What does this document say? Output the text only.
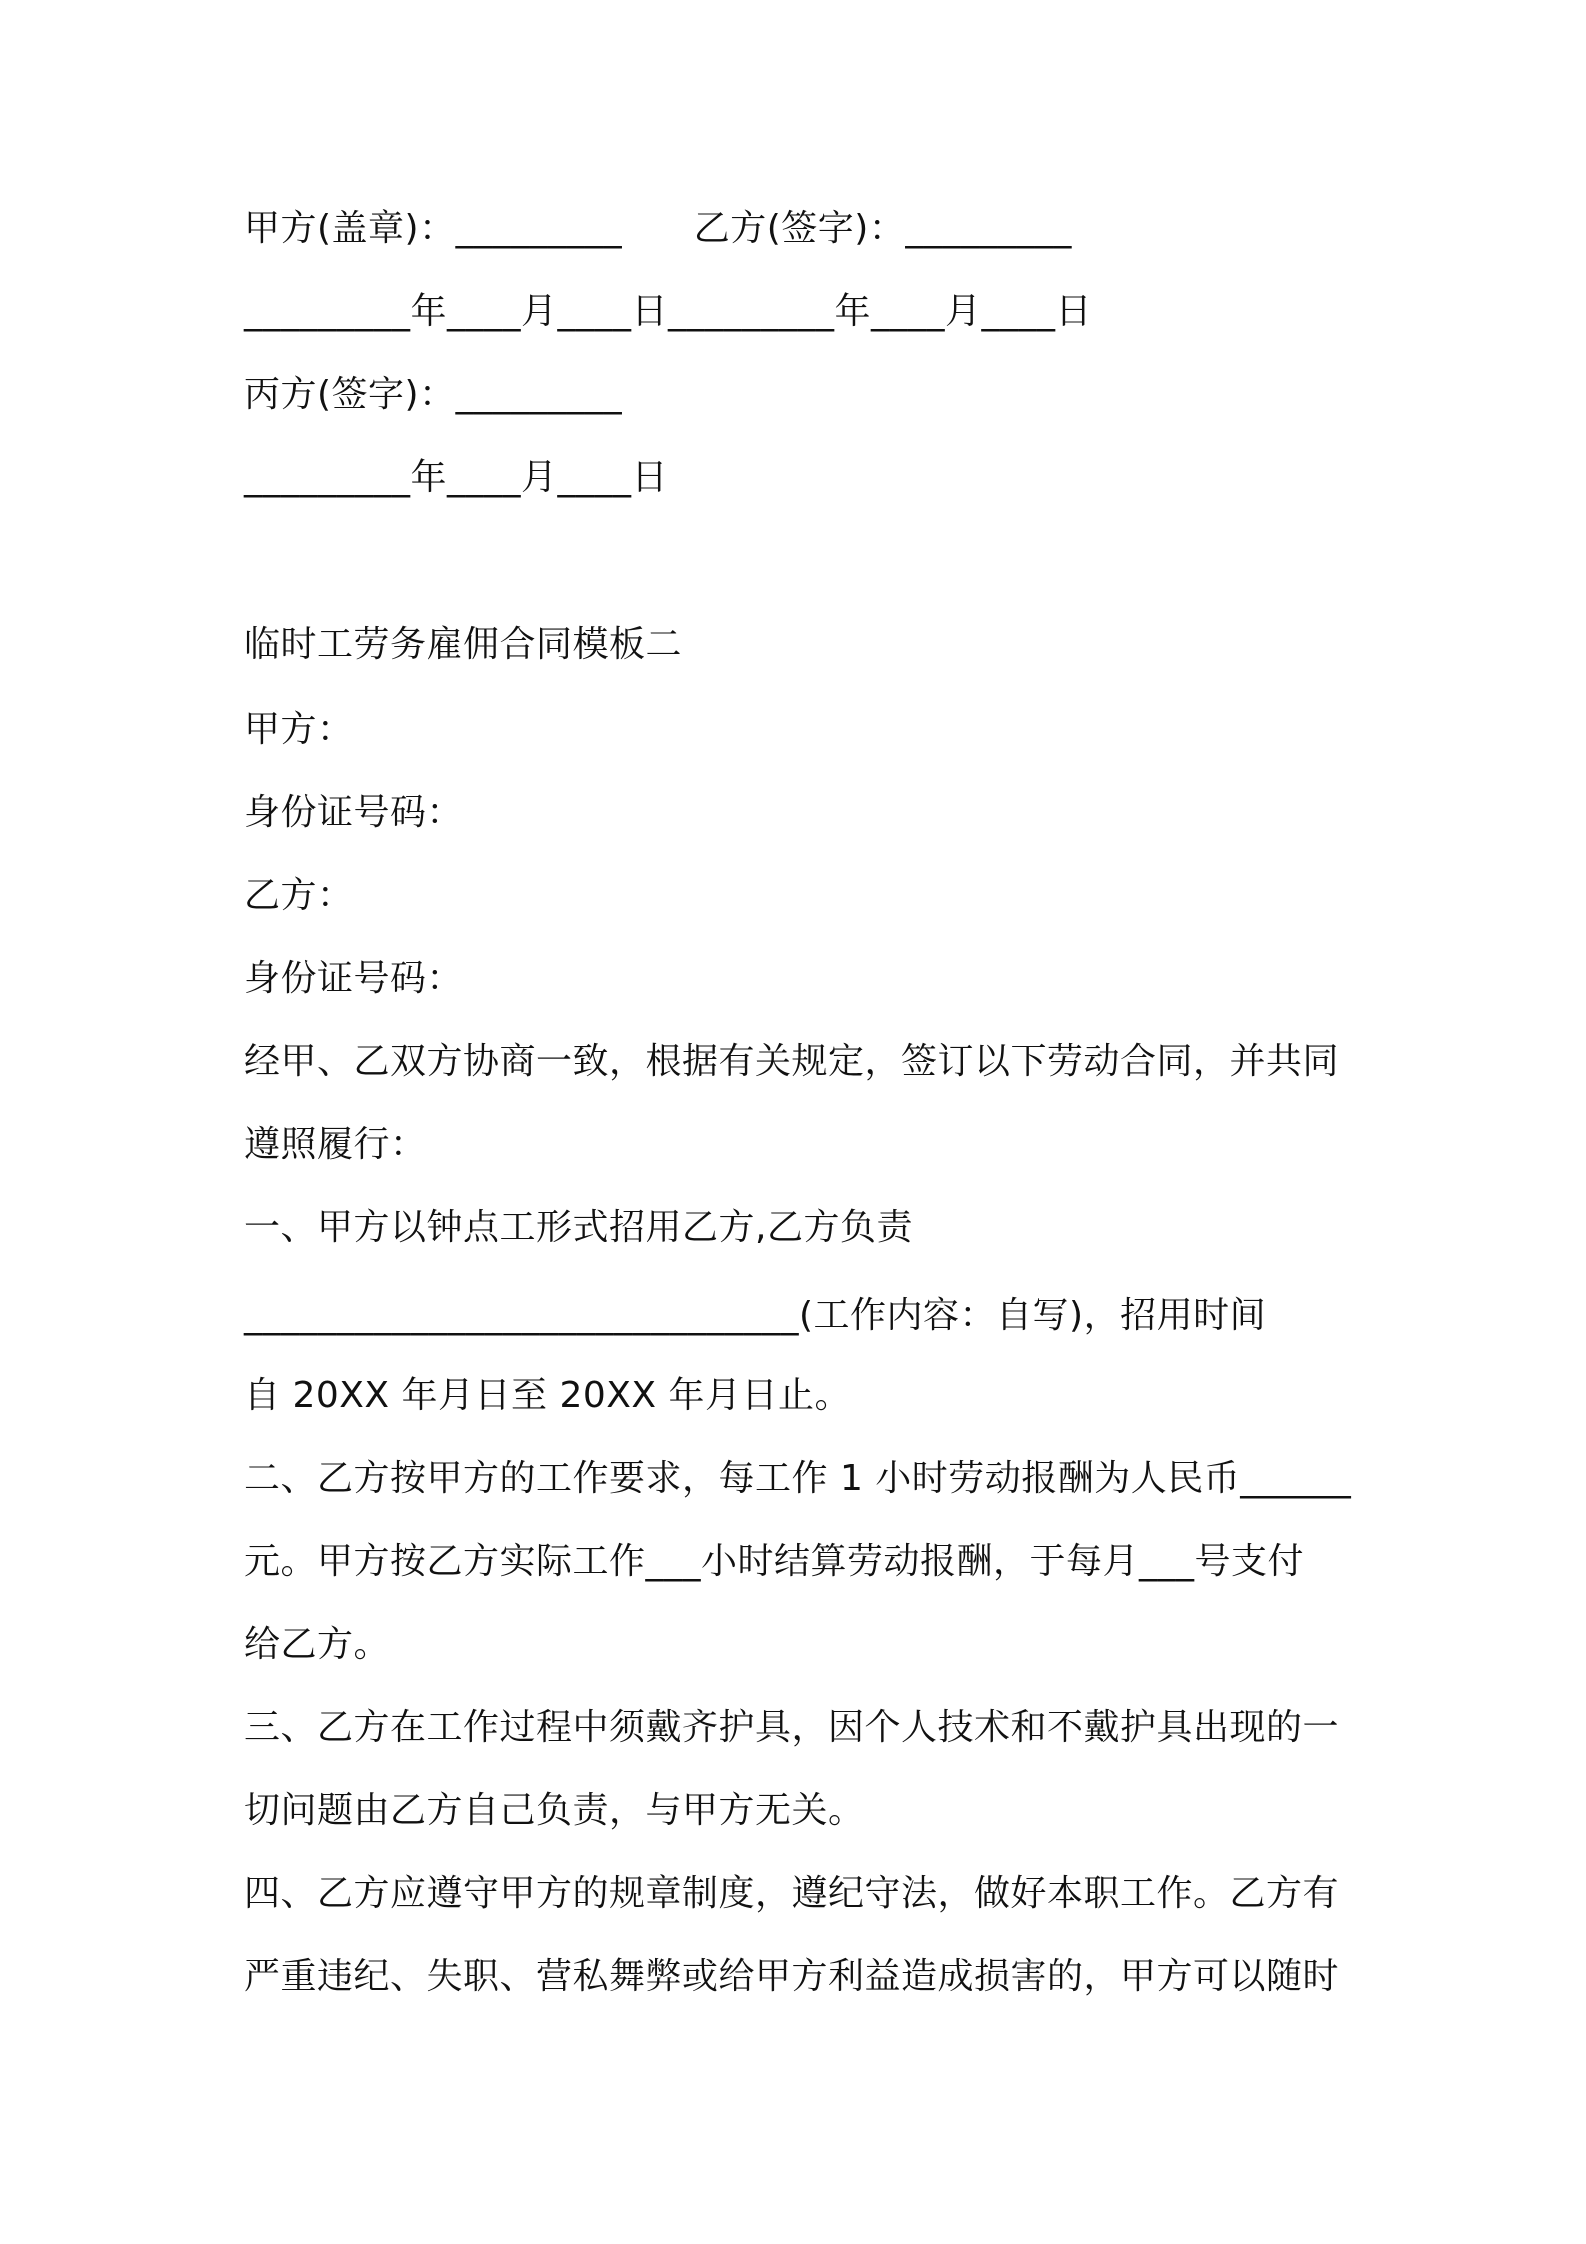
甲方(盖章)：_________      乙方(签字)：_________
_________年____月____日_________年____月____日
丙方(签字)：_________
_________年____月____日
临时工劳务雇佣合同模板二
甲方：
身份证号码：
乙方：
身份证号码：
经甲、乙双方协商一致，根据有关规定，签订以下劳动合同，并共同
遵照履行：
一、甲方以钟点工形式招用乙方,乙方负责
______________________________(工作内容：自写)，招用时间
自 20XX 年月日至 20XX 年月日止。
二、乙方按甲方的工作要求，每工作 1 小时劳动报酬为人民币______
元。甲方按乙方实际工作___小时结算劳动报酬，于每月___号支付
给乙方。
三、乙方在工作过程中须戴齐护具，因个人技术和不戴护具出现的一
切问题由乙方自己负责，与甲方无关。
四、乙方应遵守甲方的规章制度，遵纪守法，做好本职工作。乙方有
严重违纪、失职、营私舞弊或给甲方利益造成损害的，甲方可以随时
